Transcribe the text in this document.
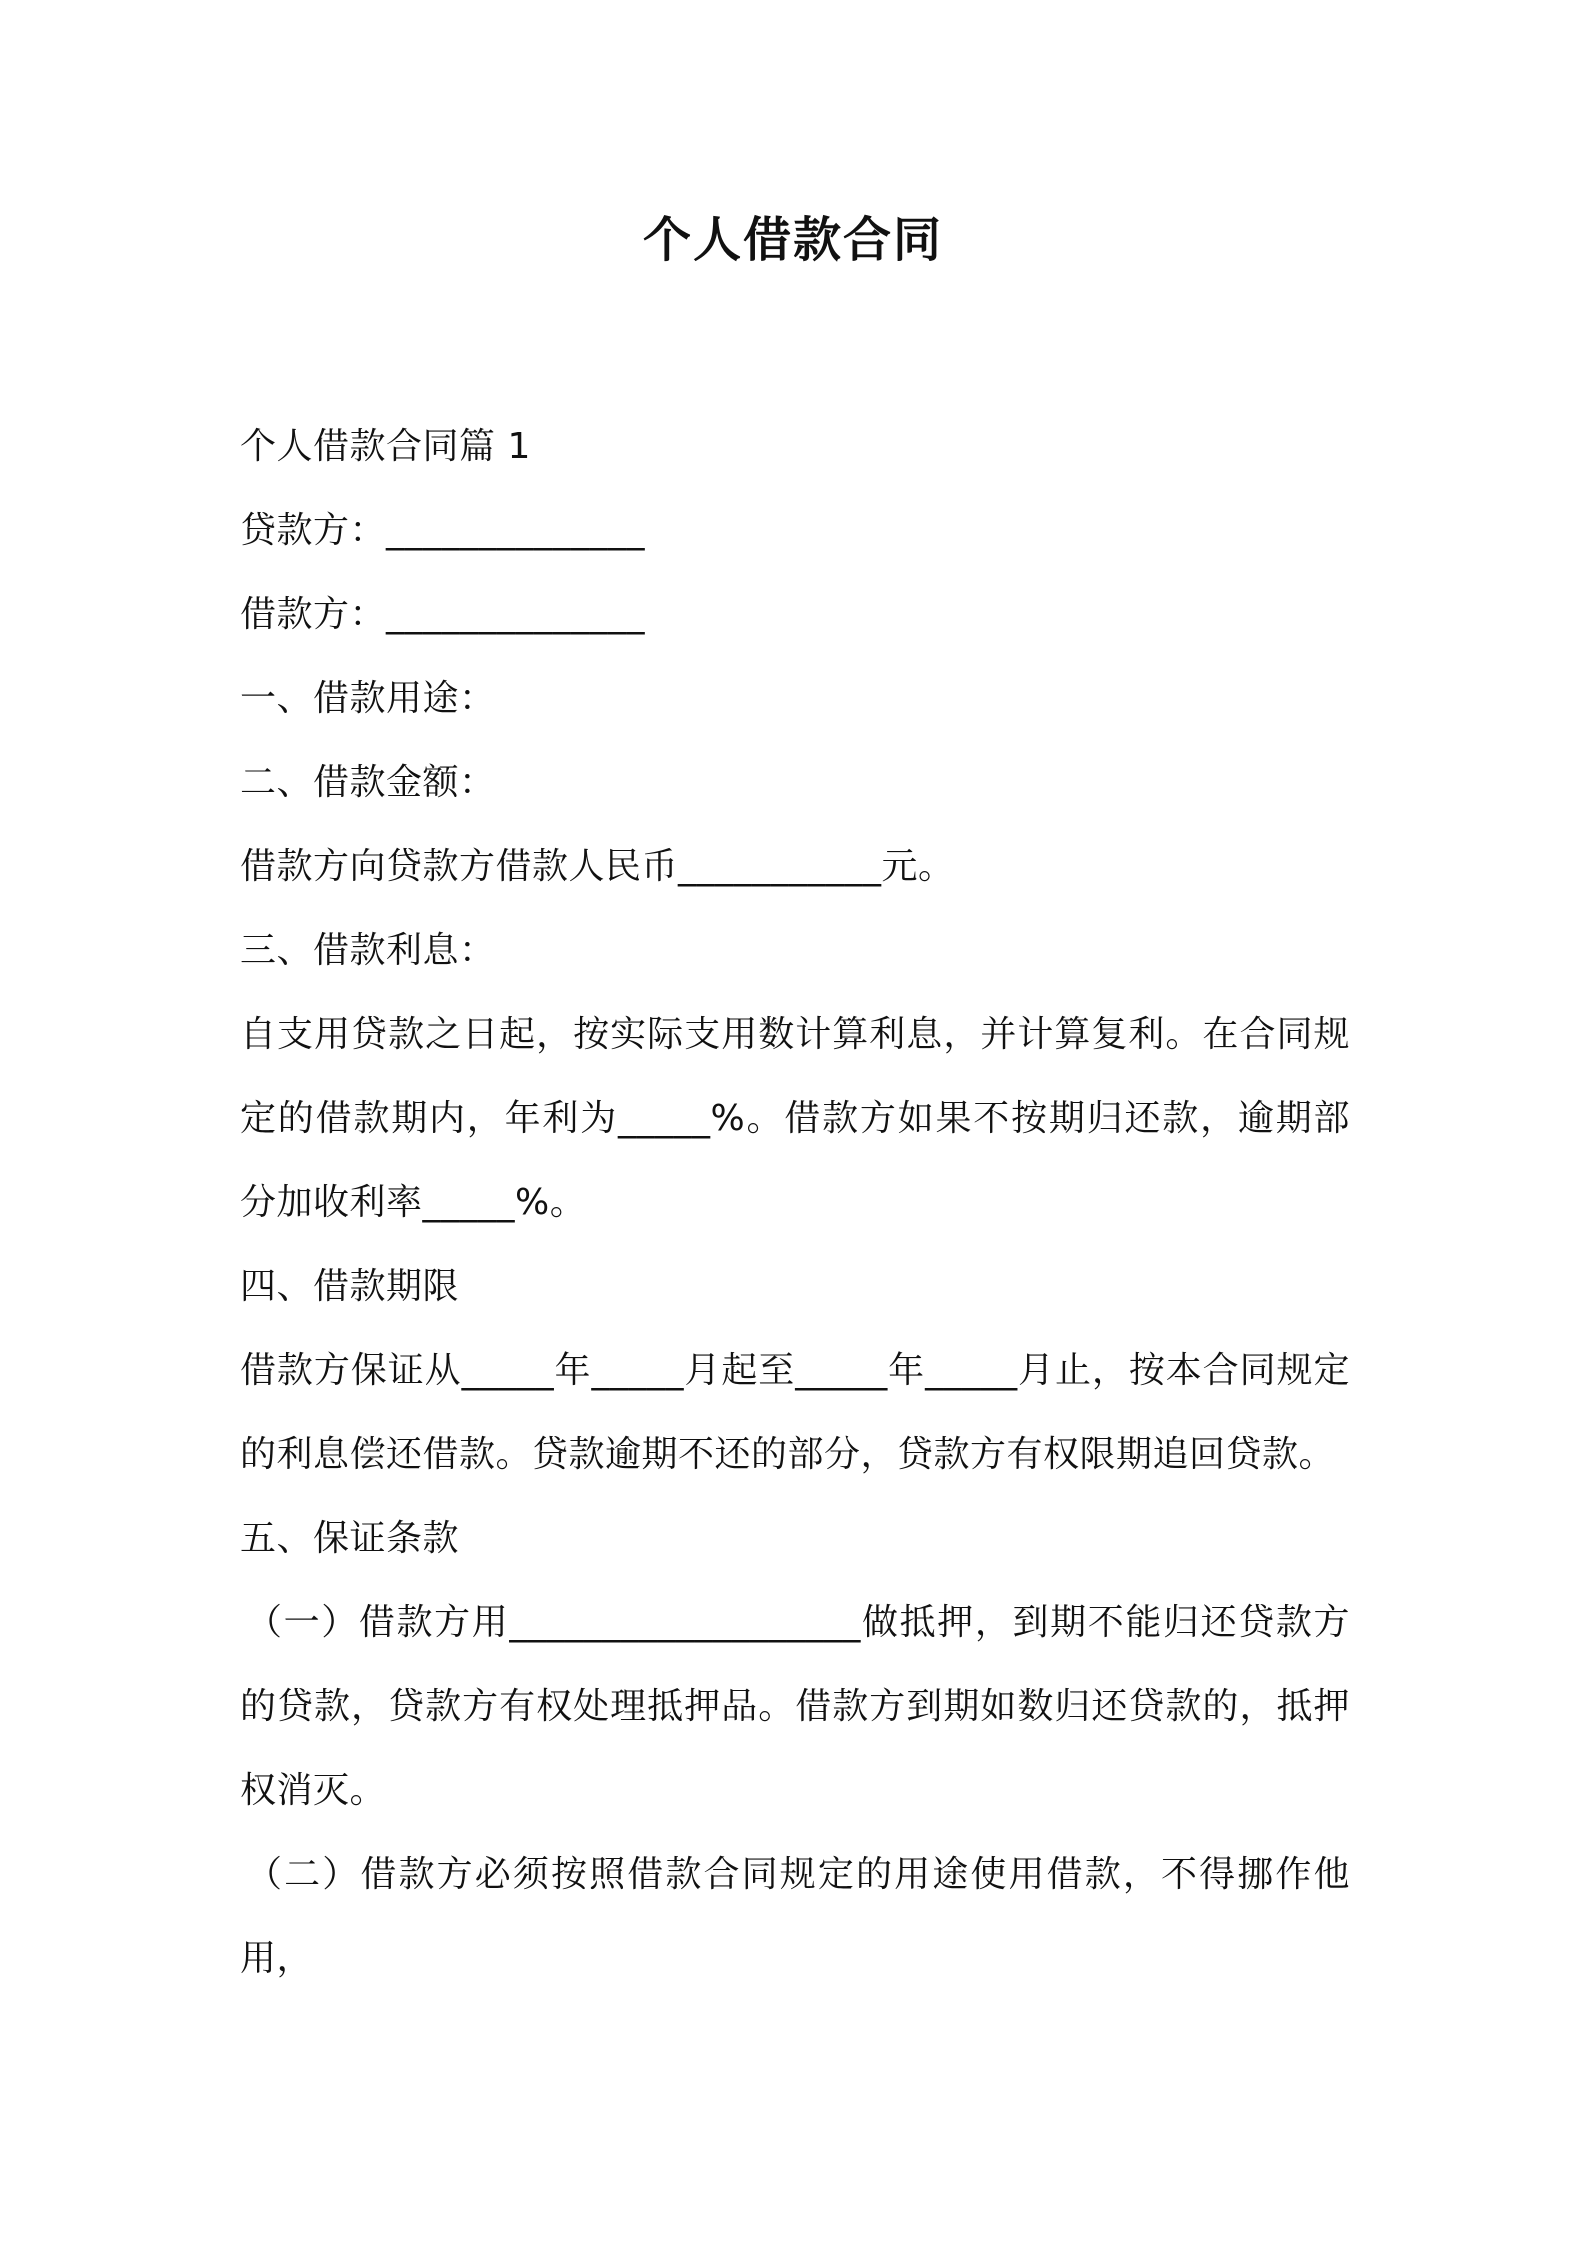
个人借款合同

个人借款合同篇 1

贷款方：______________

借款方：______________

一、借款用途：

二、借款金额：

借款方向贷款方借款人民币___________元。

三、借款利息：

自支用贷款之日起，按实际支用数计算利息，并计算复利。在合同规定的借款期内，年利为_____%。借款方如果不按期归还款，逾期部分加收利率_____%。

四、借款期限

借款方保证从_____年_____月起至_____年_____月止，按本合同规定的利息偿还借款。贷款逾期不还的部分，贷款方有权限期追回贷款。

五、保证条款

（一）借款方用___________________做抵押，到期不能归还贷款方的贷款，贷款方有权处理抵押品。借款方到期如数归还贷款的，抵押权消灭。

（二）借款方必须按照借款合同规定的用途使用借款，不得挪作他用，
